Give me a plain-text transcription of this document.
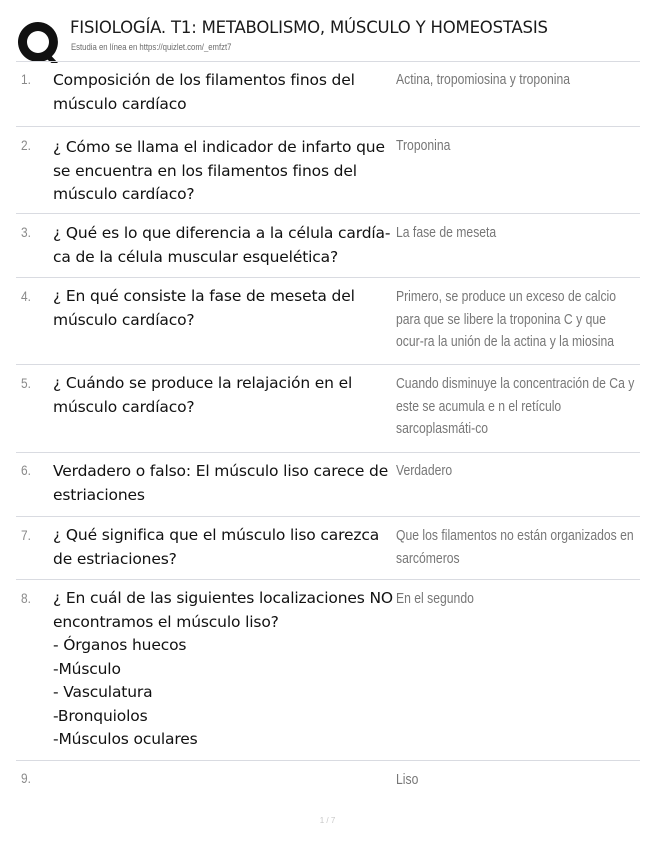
FISIOLOGÍA. T1: METABOLISMO, MÚSCULO Y HOMEOSTASIS
Estudia en línea en https://quizlet.com/_emfzt7
1. Composición de los filamentos finos del músculo cardíaco
Actina, tropomiosina y troponina
2. ¿ Cómo se llama el indicador de infarto que se encuentra en los filamentos finos del músculo cardíaco?
Troponina
3. ¿ Qué es lo que diferencia a la célula cardía-ca de la célula muscular esquelética?
La fase de meseta
4. ¿ En qué consiste la fase de meseta del músculo cardíaco?
Primero, se produce un exceso de calcio para que se libere la troponina C y que ocur-ra la unión de la actina y la miosina
5. ¿ Cuándo se produce la relajación en el músculo cardíaco?
Cuando disminuye la concentración de Ca y este se acumula e n el retículo sarcoplasmáti-co
6. Verdadero o falso: El músculo liso carece de estriaciones
Verdadero
7. ¿ Qué significa que el músculo liso carezca de estriaciones?
Que los filamentos no están organizados en sarcómeros
8. ¿ En cuál de las siguientes localizaciones NO encontramos el músculo liso?
- Órganos huecos
-Músculo
- Vasculatura
-Bronquiolos
-Músculos oculares
En el segundo
9.	Liso
1 / 7
